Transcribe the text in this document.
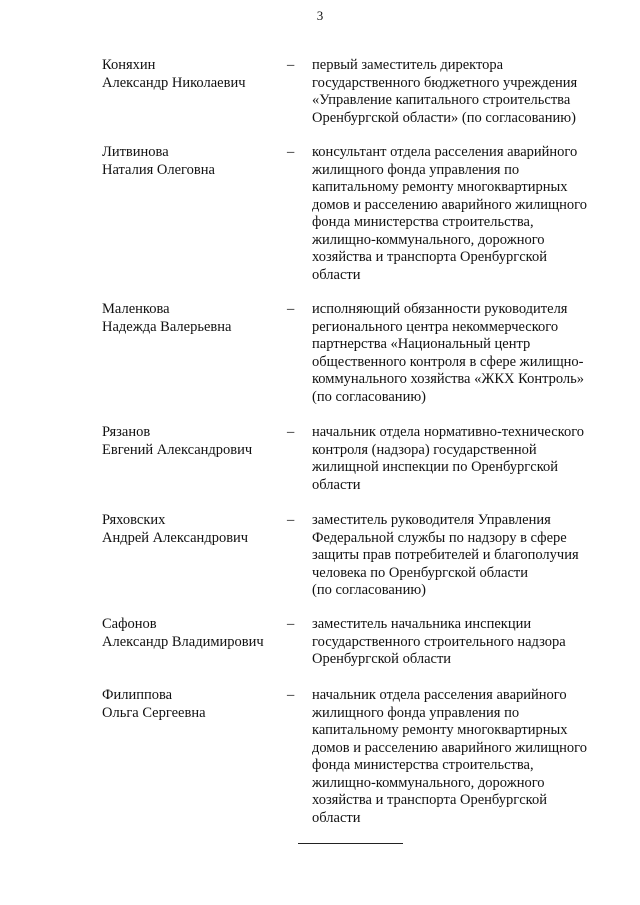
3
Коняхин
Александр Николаевич
–	первый заместитель директора
государственного бюджетного учреждения
«Управление капитального строительства
Оренбургской области» (по согласованию)
Литвинова
Наталия Олеговна
–	консультант отдела расселения аварийного
жилищного фонда управления по
капитальному ремонту многоквартирных
домов и расселению аварийного жилищного
фонда министерства строительства,
жилищно-коммунального, дорожного
хозяйства и транспорта Оренбургской
области
Маленкова
Надежда Валерьевна
–	исполняющий обязанности руководителя
регионального центра некоммерческого
партнерства «Национальный центр
общественного контроля в сфере жилищно-
коммунального хозяйства «ЖКХ Контроль»
(по согласованию)
Рязанов
Евгений Александрович
–	начальник отдела нормативно-технического
контроля (надзора) государственной
жилищной инспекции по Оренбургской
области
Ряховских
Андрей Александрович
–	заместитель руководителя Управления
Федеральной службы по надзору в сфере
защиты прав потребителей и благополучия
человека по Оренбургской области
(по согласованию)
Сафонов
Александр Владимирович
–	заместитель начальника инспекции
государственного строительного надзора
Оренбургской области
Филиппова
Ольга Сергеевна
–	начальник отдела расселения аварийного
жилищного фонда управления по
капитальному ремонту многоквартирных
домов и расселению аварийного жилищного
фонда министерства строительства,
жилищно-коммунального, дорожного
хозяйства и транспорта Оренбургской
области
